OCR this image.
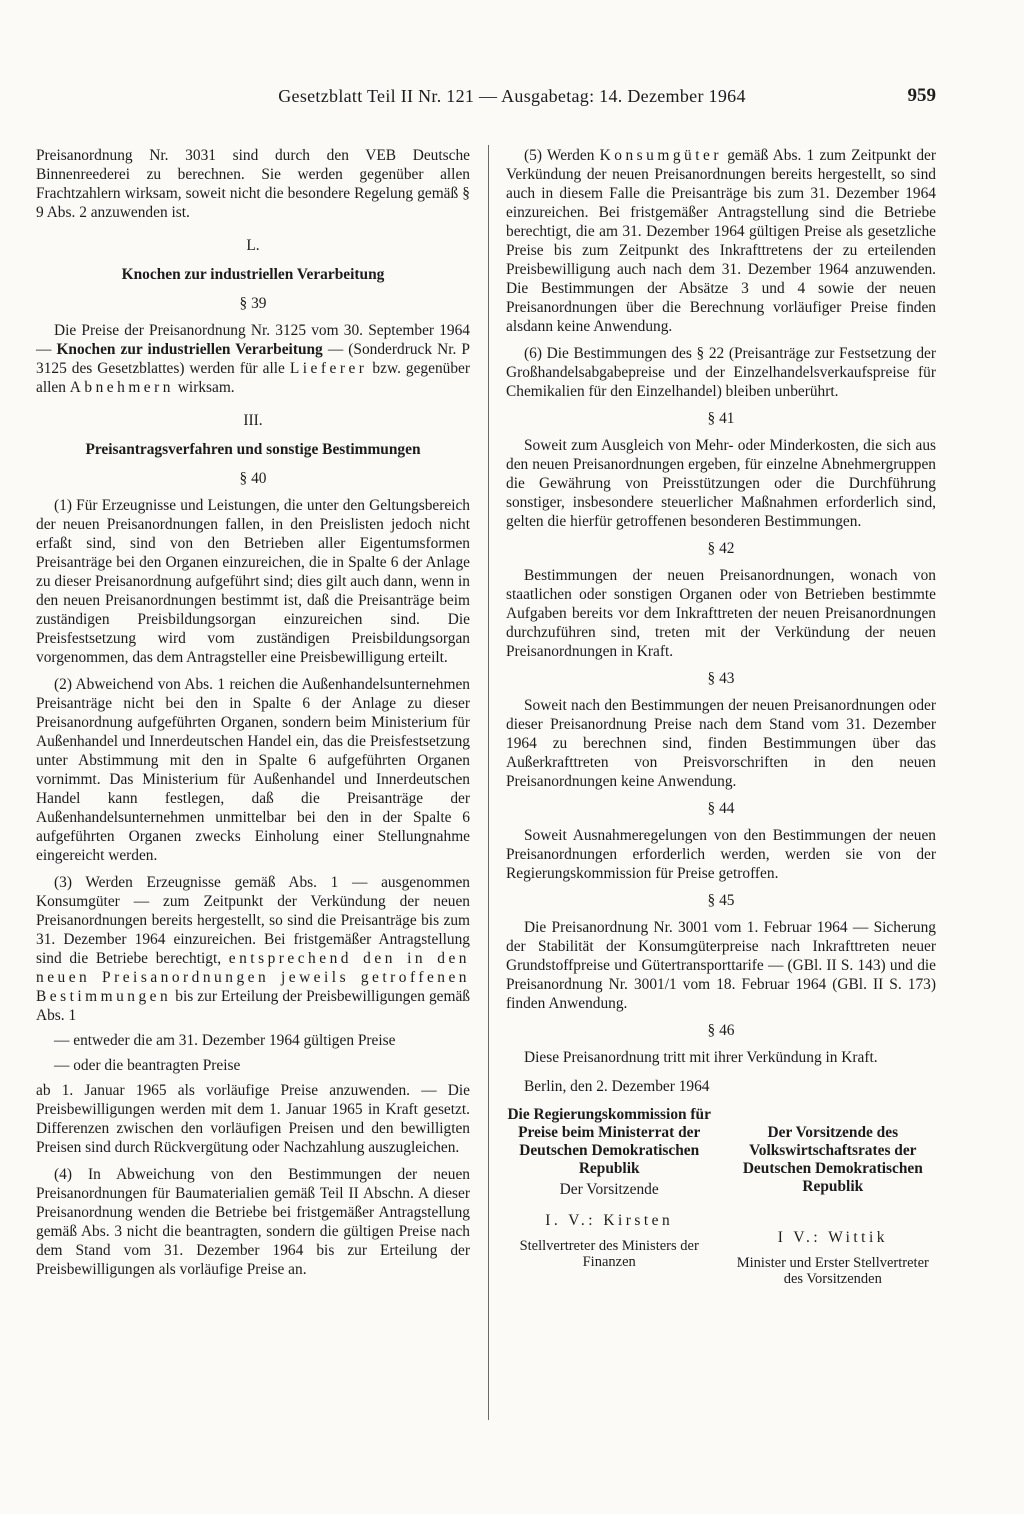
Gesetzblatt Teil II Nr. 121 — Ausgabetag: 14. Dezember 1964	959

Preisanordnung Nr. 3031 sind durch den VEB Deutsche Binnenreederei zu berechnen. Sie werden gegenüber allen Frachtzahlern wirksam, soweit nicht die besondere Regelung gemäß § 9 Abs. 2 anzuwenden ist.

L.
Knochen zur industriellen Verarbeitung
§ 39

Die Preise der Preisanordnung Nr. 3125 vom 30. September 1964 — Knochen zur industriellen Verarbeitung — (Sonderdruck Nr. P 3125 des Gesetzblattes) werden für alle Lieferer bzw. gegenüber allen Abnehmern wirksam.

III.
Preisantragsverfahren und sonstige Bestimmungen
§ 40

(1) Für Erzeugnisse und Leistungen, die unter den Geltungsbereich der neuen Preisanordnungen fallen, in den Preislisten jedoch nicht erfaßt sind, sind von den Betrieben aller Eigentumsformen Preisanträge bei den Organen einzureichen, die in Spalte 6 der Anlage zu dieser Preisanordnung aufgeführt sind; dies gilt auch dann, wenn in den neuen Preisanordnungen bestimmt ist, daß die Preisanträge beim zuständigen Preisbildungsorgan einzureichen sind. Die Preisfestsetzung wird vom zuständigen Preisbildungsorgan vorgenommen, das dem Antragsteller eine Preisbewilligung erteilt.

(2) Abweichend von Abs. 1 reichen die Außenhandelsunternehmen Preisanträge nicht bei den in Spalte 6 der Anlage zu dieser Preisanordnung aufgeführten Organen, sondern beim Ministerium für Außenhandel und Innerdeutschen Handel ein, das die Preisfestsetzung unter Abstimmung mit den in Spalte 6 aufgeführten Organen vornimmt. Das Ministerium für Außenhandel und Innerdeutschen Handel kann festlegen, daß die Preisanträge der Außenhandelsunternehmen unmittelbar bei den in der Spalte 6 aufgeführten Organen zwecks Einholung einer Stellungnahme eingereicht werden.

(3) Werden Erzeugnisse gemäß Abs. 1 — ausgenommen Konsumgüter — zum Zeitpunkt der Verkündung der neuen Preisanordnungen bereits hergestellt, so sind die Preisanträge bis zum 31. Dezember 1964 einzureichen. Bei fristgemäßer Antragstellung sind die Betriebe berechtigt, entsprechend den in den neuen Preisanordnungen jeweils getroffenen Bestimmungen bis zur Erteilung der Preisbewilligungen gemäß Abs. 1

— entweder die am 31. Dezember 1964 gültigen Preise
— oder die beantragten Preise

ab 1. Januar 1965 als vorläufige Preise anzuwenden. — Die Preisbewilligungen werden mit dem 1. Januar 1965 in Kraft gesetzt. Differenzen zwischen den vorläufigen Preisen und den bewilligten Preisen sind durch Rückvergütung oder Nachzahlung auszugleichen.

(4) In Abweichung von den Bestimmungen der neuen Preisanordnungen für Baumaterialien gemäß Teil II Abschn. A dieser Preisanordnung wenden die Betriebe bei fristgemäßer Antragstellung gemäß Abs. 3 nicht die beantragten, sondern die gültigen Preise nach dem Stand vom 31. Dezember 1964 bis zur Erteilung der Preisbewilligungen als vorläufige Preise an.

(5) Werden Konsumgüter gemäß Abs. 1 zum Zeitpunkt der Verkündung der neuen Preisanordnungen bereits hergestellt, so sind auch in diesem Falle die Preisanträge bis zum 31. Dezember 1964 einzureichen. Bei fristgemäßer Antragstellung sind die Betriebe berechtigt, die am 31. Dezember 1964 gültigen Preise als gesetzliche Preise bis zum Zeitpunkt des Inkrafttretens der zu erteilenden Preisbewilligung auch nach dem 31. Dezember 1964 anzuwenden. Die Bestimmungen der Absätze 3 und 4 sowie der neuen Preisanordnungen über die Berechnung vorläufiger Preise finden alsdann keine Anwendung.

(6) Die Bestimmungen des § 22 (Preisanträge zur Festsetzung der Großhandelsabgabepreise und der Einzelhandelsverkaufspreise für Chemikalien für den Einzelhandel) bleiben unberührt.

§ 41

Soweit zum Ausgleich von Mehr- oder Minderkosten, die sich aus den neuen Preisanordnungen ergeben, für einzelne Abnehmergruppen die Gewährung von Preisstützungen oder die Durchführung sonstiger, insbesondere steuerlicher Maßnahmen erforderlich sind, gelten die hierfür getroffenen besonderen Bestimmungen.

§ 42

Bestimmungen der neuen Preisanordnungen, wonach von staatlichen oder sonstigen Organen oder von Betrieben bestimmte Aufgaben bereits vor dem Inkrafttreten der neuen Preisanordnungen durchzuführen sind, treten mit der Verkündung der neuen Preisanordnungen in Kraft.

§ 43

Soweit nach den Bestimmungen der neuen Preisanordnungen oder dieser Preisanordnung Preise nach dem Stand vom 31. Dezember 1964 zu berechnen sind, finden Bestimmungen über das Außerkrafttreten von Preisvorschriften in den neuen Preisanordnungen keine Anwendung.

§ 44

Soweit Ausnahmeregelungen von den Bestimmungen der neuen Preisanordnungen erforderlich werden, werden sie von der Regierungskommission für Preise getroffen.

§ 45

Die Preisanordnung Nr. 3001 vom 1. Februar 1964 — Sicherung der Stabilität der Konsumgüterpreise nach Inkrafttreten neuer Grundstoffpreise und Gütertransporttarife — (GBl. II S. 143) und die Preisanordnung Nr. 3001/1 vom 18. Februar 1964 (GBl. II S. 173) finden Anwendung.

§ 46

Diese Preisanordnung tritt mit ihrer Verkündung in Kraft.

Berlin, den 2. Dezember 1964
Die Regierungskommission für Preise beim Ministerrat der Deutschen Demokratischen Republik
Der Vorsitzende
I. V.: Kirsten
Stellvertreter des Ministers der Finanzen
Der Vorsitzende des Volkswirtschaftsrates der Deutschen Demokratischen Republik
I V.: Wittik
Minister und Erster Stellvertreter des Vorsitzenden
